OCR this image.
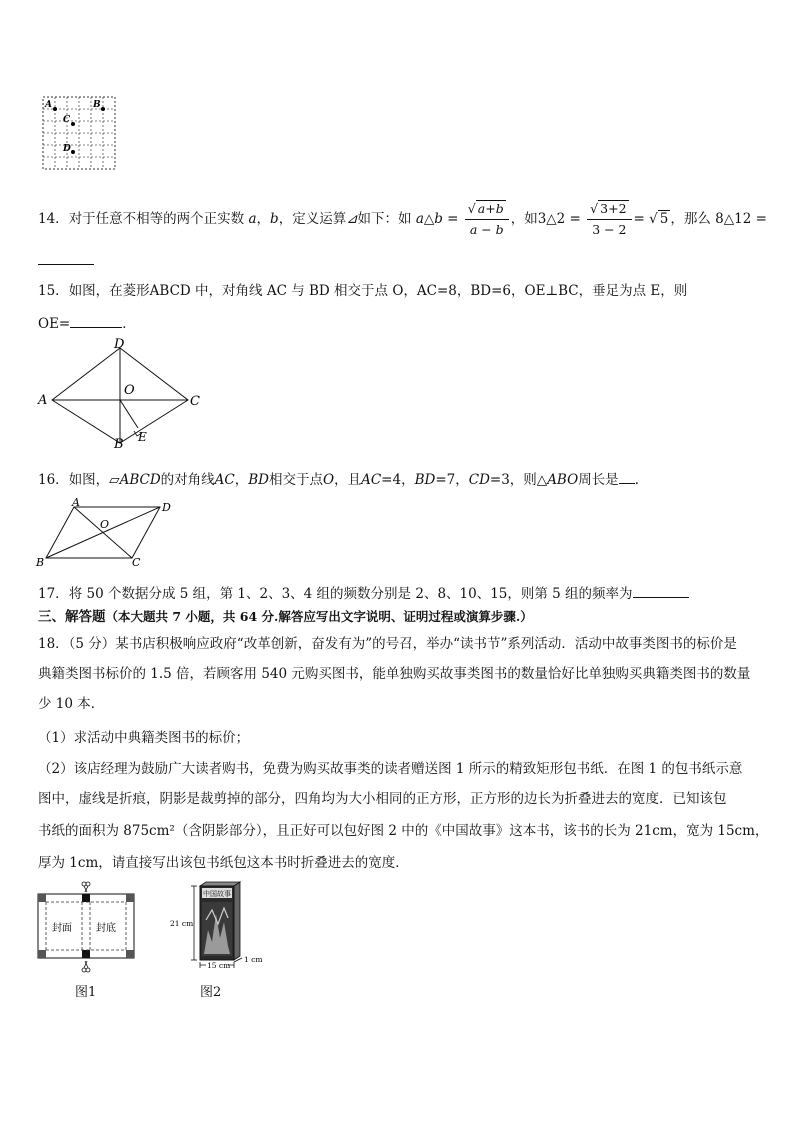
A	B
C
D
14．对于任意不相等的两个正实数 a，b，定义运算⊿如下：如 a△b = $\frac{√ a+b}{a - b}$ ，如3△2 = $\frac{√ 3+2}{3 - 2}$ = √ 5 ，那么 8△12 =
15．如图，在菱形ABCD 中，对角线 AC 与 BD 相交于点 O，AC=8，BD=6，OE⊥BC，垂足为点 E，则
OE=	．
A
D
C
B
O
E
16．如图，▱ABCD的对角线AC，BD相交于点O，且AC=4，BD=7，CD=3，则△ABO周长是 ．
A	D
B	C
O
17．将 50 个数据分成 5 组，第 1、2、3、4 组的频数分别是 2、8、10、15，则第 5 组的频率为
三、解答题（本大题共 7 小题，共 64 分.解答应写出文字说明、证明过程或演算步骤.）
18．（5 分）某书店积极响应政府“改革创新，奋发有为”的号召，举办“读书节”系列活动．活动中故事类图书的标价是
典籍类图书标价的 1.5 倍，若顾客用 540 元购买图书，能单独购买故事类图书的数量恰好比单独购买典籍类图书的数量
少 10 本．
（1）求活动中典籍类图书的标价；
（2）该店经理为鼓励广大读者购书，免费为购买故事类的读者赠送图 1 所示的精致矩形包书纸．在图 1 的包书纸示意
图中，虚线是折痕，阴影是裁剪掉的部分，四角均为大小相同的正方形，正方形的边长为折叠进去的宽度．已知该包
书纸的面积为 875cm²（含阴影部分），且正好可以包好图 2 中的《中国故事》这本书，该书的长为 21cm，宽为 15cm，
厚为 1cm，请直接写出该包书纸包这本书时折叠进去的宽度．
封面 封底
图1
中国故事
21 cm
15 cm
1 cm
图2
